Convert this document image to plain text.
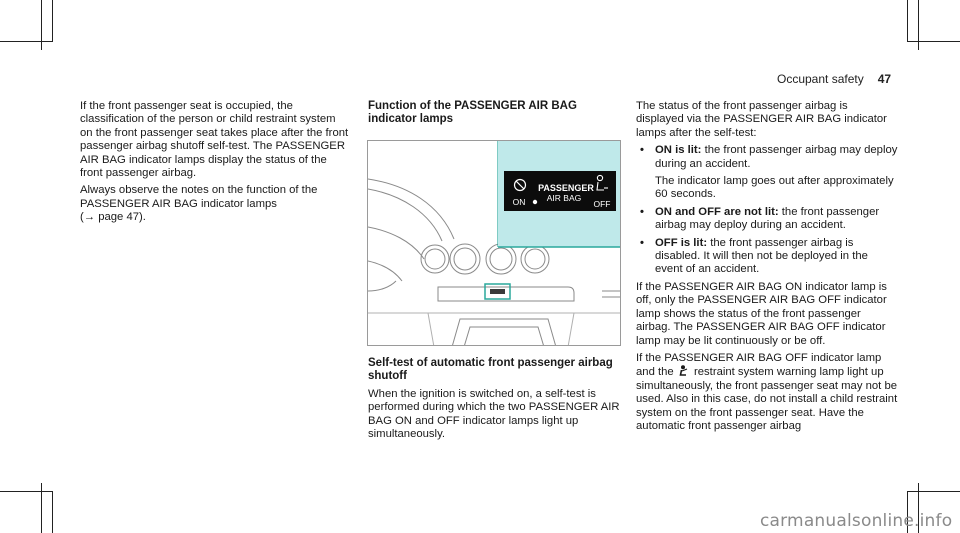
Occupant safety 47

If the front passenger seat is occupied, the classification of the person or child restraint system on the front passenger seat takes place after the front passenger airbag shutoff self-test. The PASSENGER AIR BAG indicator lamps display the status of the front passenger airbag.

Always observe the notes on the function of the PASSENGER AIR BAG indicator lamps
(→ page 47).

Function of the PASSENGER AIR BAG indicator lamps

ON
PASSENGER
AIR BAG
OFF

Self-test of automatic front passenger airbag shutoff

When the ignition is switched on, a self-test is performed during which the two PASSENGER AIR BAG ON and OFF indicator lamps light up simultaneously.

The status of the front passenger airbag is displayed via the PASSENGER AIR BAG indicator lamps after the self-test:

• ON is lit: the front passenger airbag may deploy during an accident.
The indicator lamp goes out after approximately 60 seconds.
• ON and OFF are not lit: the front passenger airbag may deploy during an accident.
• OFF is lit: the front passenger airbag is disabled. It will then not be deployed in the event of an accident.

If the PASSENGER AIR BAG ON indicator lamp is off, only the PASSENGER AIR BAG OFF indicator lamp shows the status of the front passenger airbag. The PASSENGER AIR BAG OFF indicator lamp may be lit continuously or be off.

If the PASSENGER AIR BAG OFF indicator lamp and the  restraint system warning lamp light up simultaneously, the front passenger seat may not be used. Also in this case, do not install a child restraint system on the front passenger seat. Have the automatic front passenger airbag

carmanualsonline.info
